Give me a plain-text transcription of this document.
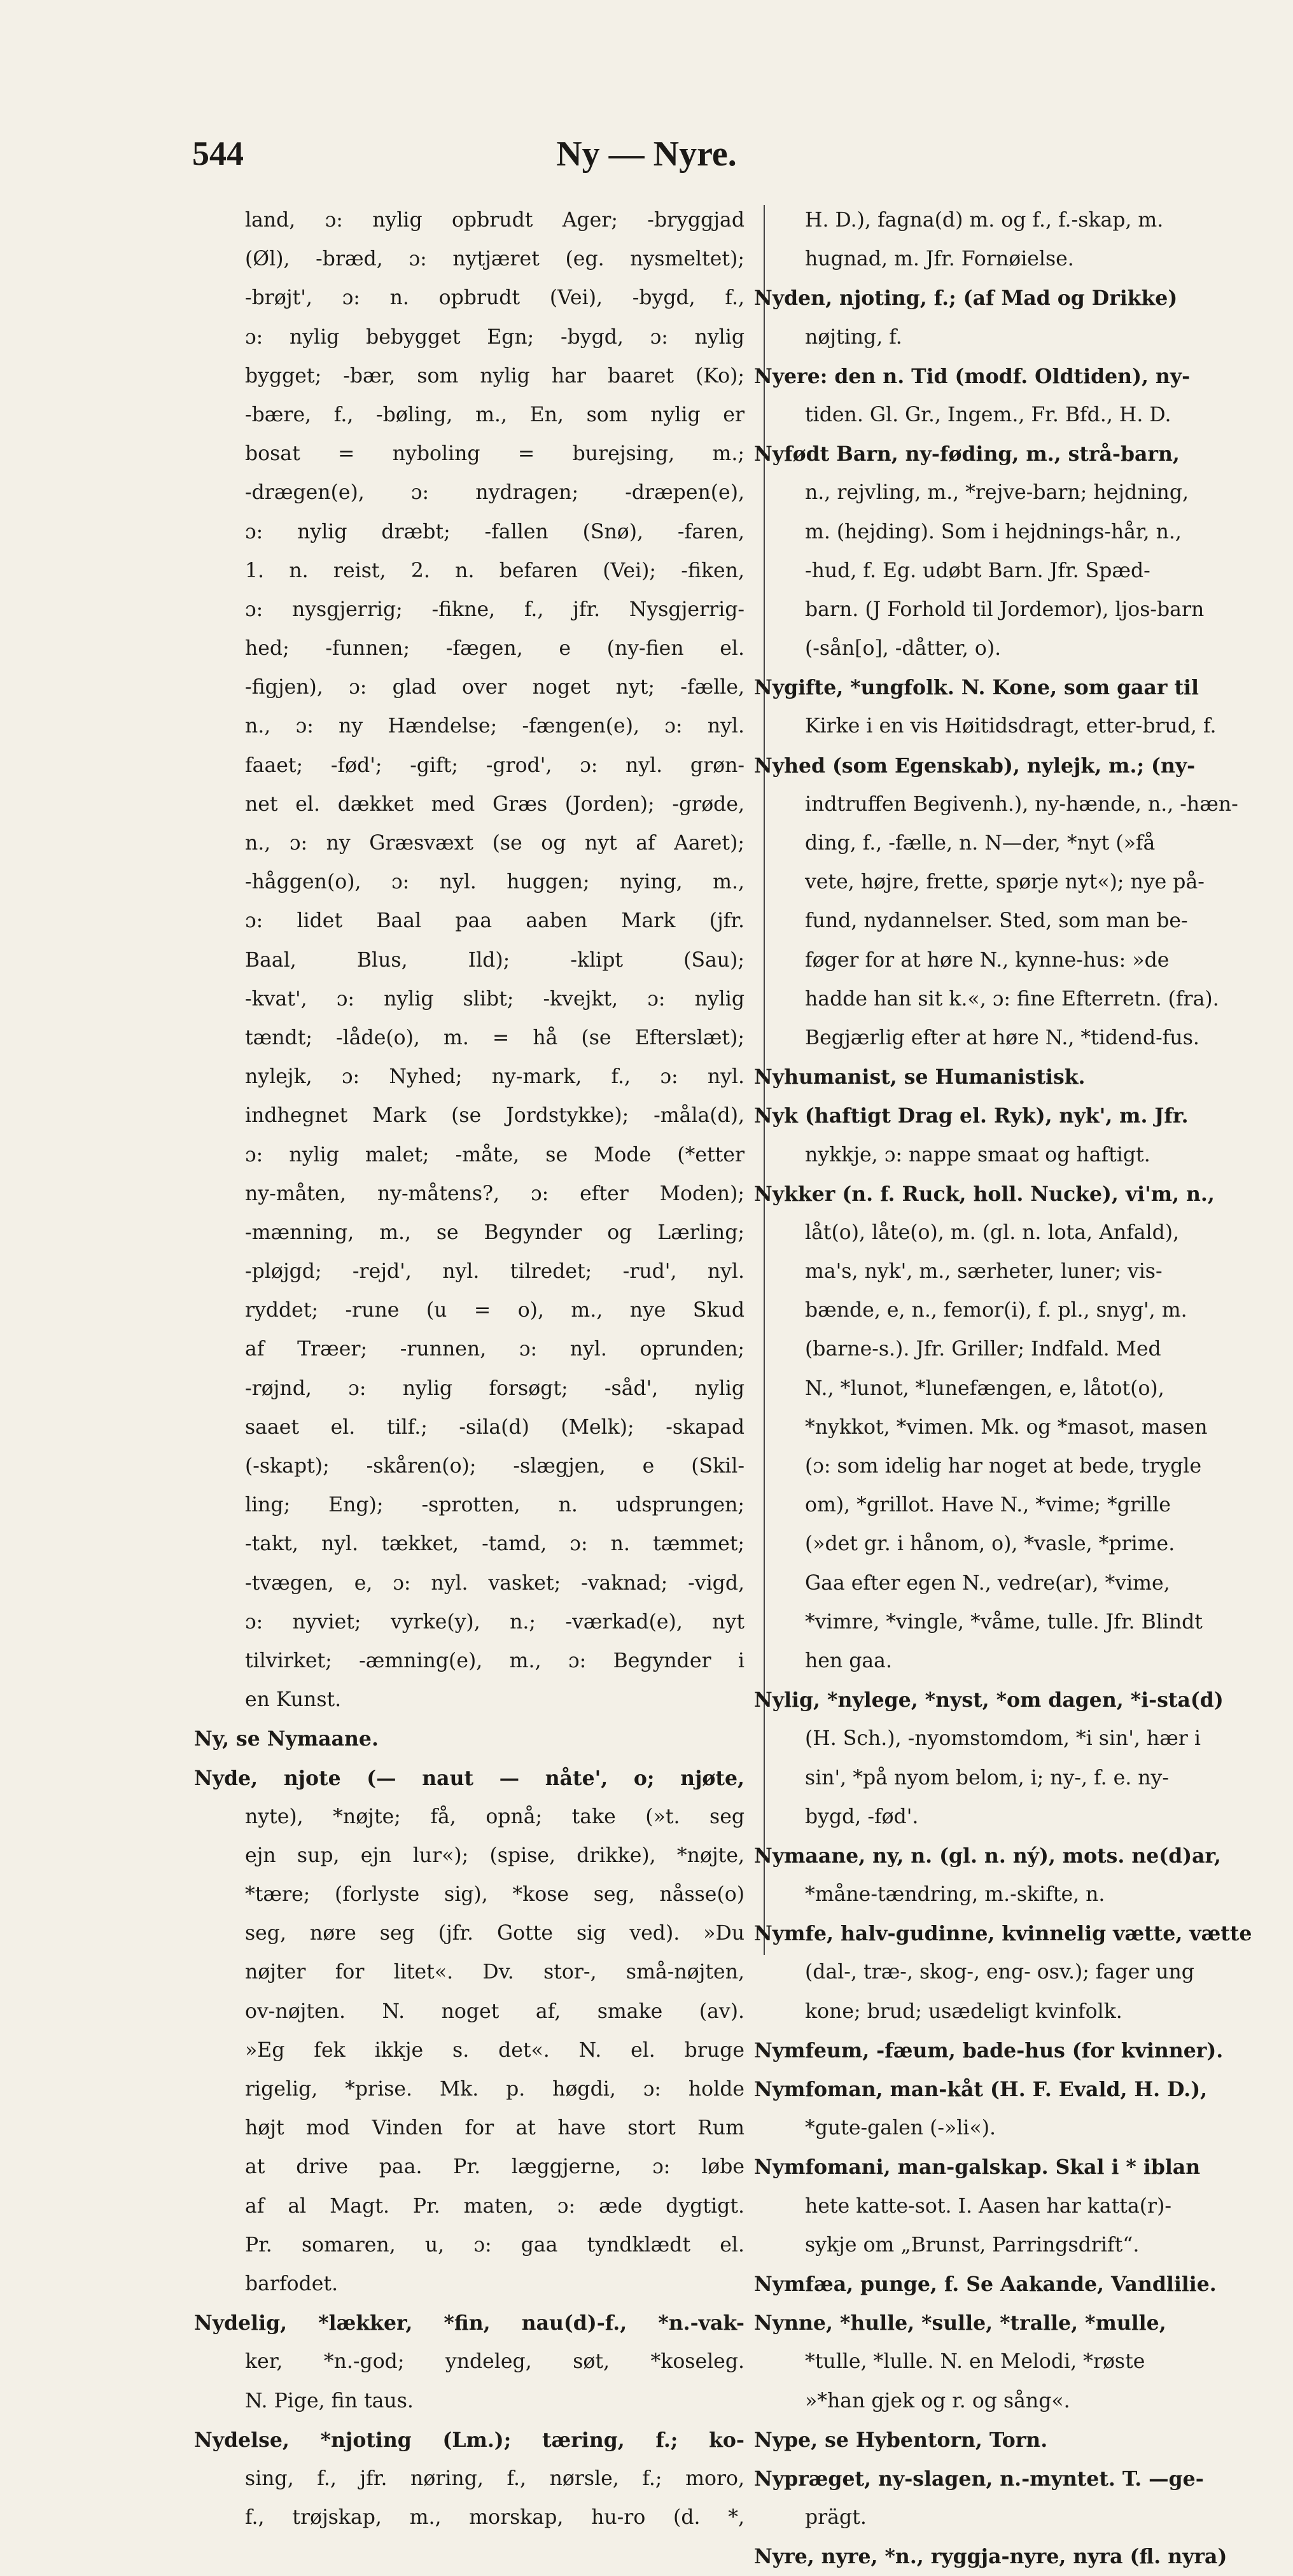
Ny — Nyre.
544
land, ɔ: nylig opbrudt Ager; -bryggjad
(Øl), -bræd, ɔ: nytjæret (eg. nysmeltet);
-brøjt', ɔ: n. opbrudt (Vei), -bygd, f.,
ɔ: nylig bebygget Egn; -bygd, ɔ: nylig
bygget; -bær, som nylig har baaret (Ko);
-bære, f., -bøling, m., En, som nylig er
bosat = nyboling = burejsing, m.;
-drægen(e), ɔ: nydragen; -dræpen(e),
ɔ: nylig dræbt; -fallen (Snø), -faren,
1. n. reist, 2. n. befaren (Vei); -fiken,
ɔ: nysgjerrig; -fikne, f., jfr. Nysgjerrig-
hed; -funnen; -fægen, e (ny-fien el.
-figjen), ɔ: glad over noget nyt; -fælle,
n., ɔ: ny Hændelse; -fængen(e), ɔ: nyl.
faaet; -fød'; -gift; -grod', ɔ: nyl. grøn-
net el. dækket med Græs (Jorden); -grøde,
n., ɔ: ny Græsvæxt (se og nyt af Aaret);
-håggen(o), ɔ: nyl. huggen; nying, m.,
ɔ: lidet Baal paa aaben Mark (jfr.
Baal, Blus, Ild); -klipt (Sau);
-kvat', ɔ: nylig slibt; -kvejkt, ɔ: nylig
tændt; -låde(o), m. = hå (se Efterslæt);
nylejk, ɔ: Nyhed; ny-mark, f., ɔ: nyl.
indhegnet Mark (se Jordstykke); -måla(d),
ɔ: nylig malet; -måte, se Mode (*etter
ny-måten, ny-måtens?, ɔ: efter Moden);
-mænning, m., se Begynder og Lærling;
-pløjgd; -rejd', nyl. tilredet; -rud', nyl.
ryddet; -rune (u = o), m., nye Skud
af Træer; -runnen, ɔ: nyl. oprunden;
-røjnd, ɔ: nylig forsøgt; -såd', nylig
saaet el. tilf.; -sila(d) (Melk); -skapad
(-skapt); -skåren(o); -slægjen, e (Skil-
ling; Eng); -sprotten, n. udsprungen;
-takt, nyl. tækket, -tamd, ɔ: n. tæmmet;
-tvægen, e, ɔ: nyl. vasket; -vaknad; -vigd,
ɔ: nyviet; vyrke(y), n.; -værkad(e), nyt
tilvirket; -æmning(e), m., ɔ: Begynder i
en Kunst.
Ny, se Nymaane.
Nyde, njote (— naut — nåte', o; njøte,
nyte), *nøjte; få, opnå; take (»t. seg
ejn sup, ejn lur«); (spise, drikke), *nøjte,
*tære; (forlyste sig), *kose seg, nåsse(o)
seg, nøre seg (jfr. Gotte sig ved). »Du
nøjter for litet«. Dv. stor-, små-nøjten,
ov-nøjten. N. noget af, smake (av).
»Eg fek ikkje s. det«. N. el. bruge
rigelig, *prise. Mk. p. høgdi, ɔ: holde
højt mod Vinden for at have stort Rum
at drive paa. Pr. læggjerne, ɔ: løbe
af al Magt. Pr. maten, ɔ: æde dygtigt.
Pr. somaren, u, ɔ: gaa tyndklædt el.
barfodet.
Nydelig, *lækker, *fin, nau(d)-f., *n.-vak-
ker, *n.-god; yndeleg, søt, *koseleg.
N. Pige, fin taus.
Nydelse, *njoting (Lm.); tæring, f.; ko-
sing, f., jfr. nøring, f., nørsle, f.; moro,
f., trøjskap, m., morskap, hu-ro (d. *,
H. D.), fagna(d) m. og f., f.-skap, m.
hugnad, m. Jfr. Fornøielse.
Nyden, njoting, f.; (af Mad og Drikke)
nøjting, f.
Nyere: den n. Tid (modf. Oldtiden), ny-
tiden. Gl. Gr., Ingem., Fr. Bfd., H. D.
Nyfødt Barn, ny-føding, m., strå-barn,
n., rejvling, m., *rejve-barn; hejdning,
m. (hejding). Som i hejdnings-hår, n.,
-hud, f. Eg. udøbt Barn. Jfr. Spæd-
barn. (J Forhold til Jordemor), ljos-barn
(-sån[o], -dåtter, o).
Nygifte, *ungfolk. N. Kone, som gaar til
Kirke i en vis Høitidsdragt, etter-brud, f.
Nyhed (som Egenskab), nylejk, m.; (ny-
indtruffen Begivenh.), ny-hænde, n., -hæn-
ding, f., -fælle, n. N—der, *nyt (»få
vete, højre, frette, spørje nyt«); nye på-
fund, nydannelser. Sted, som man be-
føger for at høre N., kynne-hus: »de
hadde han sit k.«, ɔ: fine Efterretn. (fra).
Begjærlig efter at høre N., *tidend-fus.
Nyhumanist, se Humanistisk.
Nyk (haftigt Drag el. Ryk), nyk', m. Jfr.
nykkje, ɔ: nappe smaat og haftigt.
Nykker (n. f. Ruck, holl. Nucke), vi'm, n.,
låt(o), låte(o), m. (gl. n. lota, Anfald),
ma's, nyk', m., særheter, luner; vis-
bænde, e, n., femor(i), f. pl., snyg', m.
(barne-s.). Jfr. Griller; Indfald. Med
N., *lunot, *lunefængen, e, låtot(o),
*nykkot, *vimen. Mk. og *masot, masen
(ɔ: som idelig har noget at bede, trygle
om), *grillot. Have N., *vime; *grille
(»det gr. i hånom, o), *vasle, *prime.
Gaa efter egen N., vedre(ar), *vime,
*vimre, *vingle, *våme, tulle. Jfr. Blindt
hen gaa.
Nylig, *nylege, *nyst, *om dagen, *i-sta(d)
(H. Sch.), -nyomstomdom, *i sin', hær i
sin', *på nyom belom, i; ny-, f. e. ny-
bygd, -fød'.
Nymaane, ny, n. (gl. n. ný), mots. ne(d)ar,
*måne-tændring, m.-skifte, n.
Nymfe, halv-gudinne, kvinnelig vætte, vætte
(dal-, træ-, skog-, eng- osv.); fager ung
kone; brud; usædeligt kvinfolk.
Nymfeum, -fæum, bade-hus (for kvinner).
Nymfoman, man-kåt (H. F. Evald, H. D.),
*gute-galen (-»li«).
Nymfomani, man-galskap. Skal i * iblan
hete katte-sot. I. Aasen har katta(r)-
sykje om „Brunst, Parringsdrift“.
Nymfæa, punge, f. Se Aakande, Vandlilie.
Nynne, *hulle, *sulle, *tralle, *mulle,
*tulle, *lulle. N. en Melodi, *røste
»*han gjek og r. og sång«.
Nype, se Hybentorn, Torn.
Nypræget, ny-slagen, n.-myntet. T. —ge-
prägt.
Nyre, nyre, *n., ryggja-nyre, nyra (fl. nyra)
